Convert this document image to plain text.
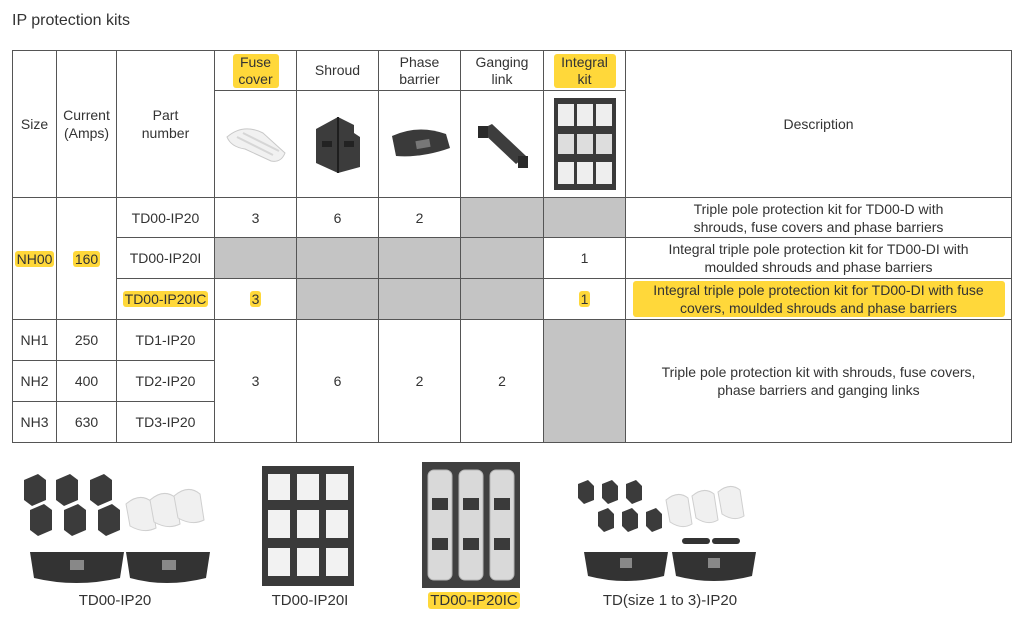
IP protection kits
Size	Current (Amps)	Part number	Fuse cover	Shroud	Phase barrier	Ganging link	Integral kit	Description

NH00	160	TD00-IP20	3	6	2			Triple pole protection kit for TD00-D with shrouds, fuse covers and phase barriers
		TD00-IP20I					1	Integral triple pole protection kit for TD00-DI with moulded shrouds and phase barriers
		TD00-IP20IC	3				1	Integral triple pole protection kit for TD00-DI with fuse covers, moulded shrouds and phase barriers
NH1	250	TD1-IP20	3	6	2	2		Triple pole protection kit with shrouds, fuse covers, phase barriers and ganging links
NH2	400	TD2-IP20						
NH3	630	TD3-IP20						
TD00-IP20	TD00-IP20I	TD00-IP20IC	TD(size 1 to 3)-IP20
